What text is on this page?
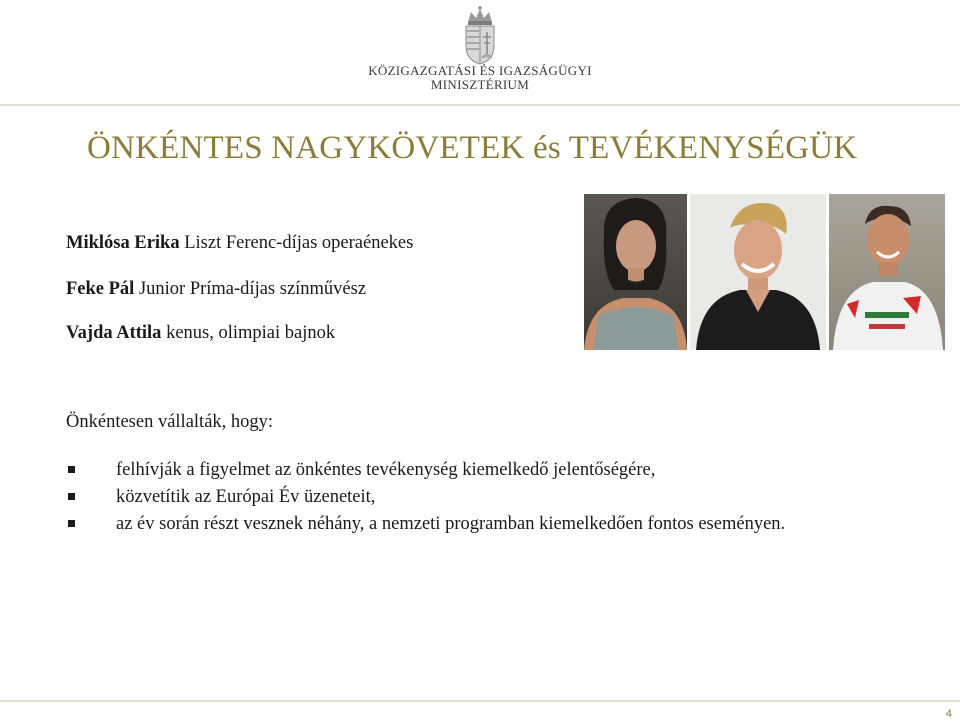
KÖZIGAZGATÁSI ÉS IGAZSÁGÜGYI
MINISZTÉRIUM
ÖNKÉNTES NAGYKÖVETEK és TEVÉKENYSÉGÜK
Miklósa Erika Liszt Ferenc-díjas operaénekes
Feke Pál Junior Príma-díjas színművész
Vajda Attila kenus, olimpiai bajnok
Önkéntesen vállalták, hogy:
felhívják a figyelmet az önkéntes tevékenység kiemelkedő jelentőségére,
közvetítik az Európai Év üzeneteit,
az év során részt vesznek néhány, a nemzeti programban kiemelkedően fontos eseményen.
4
